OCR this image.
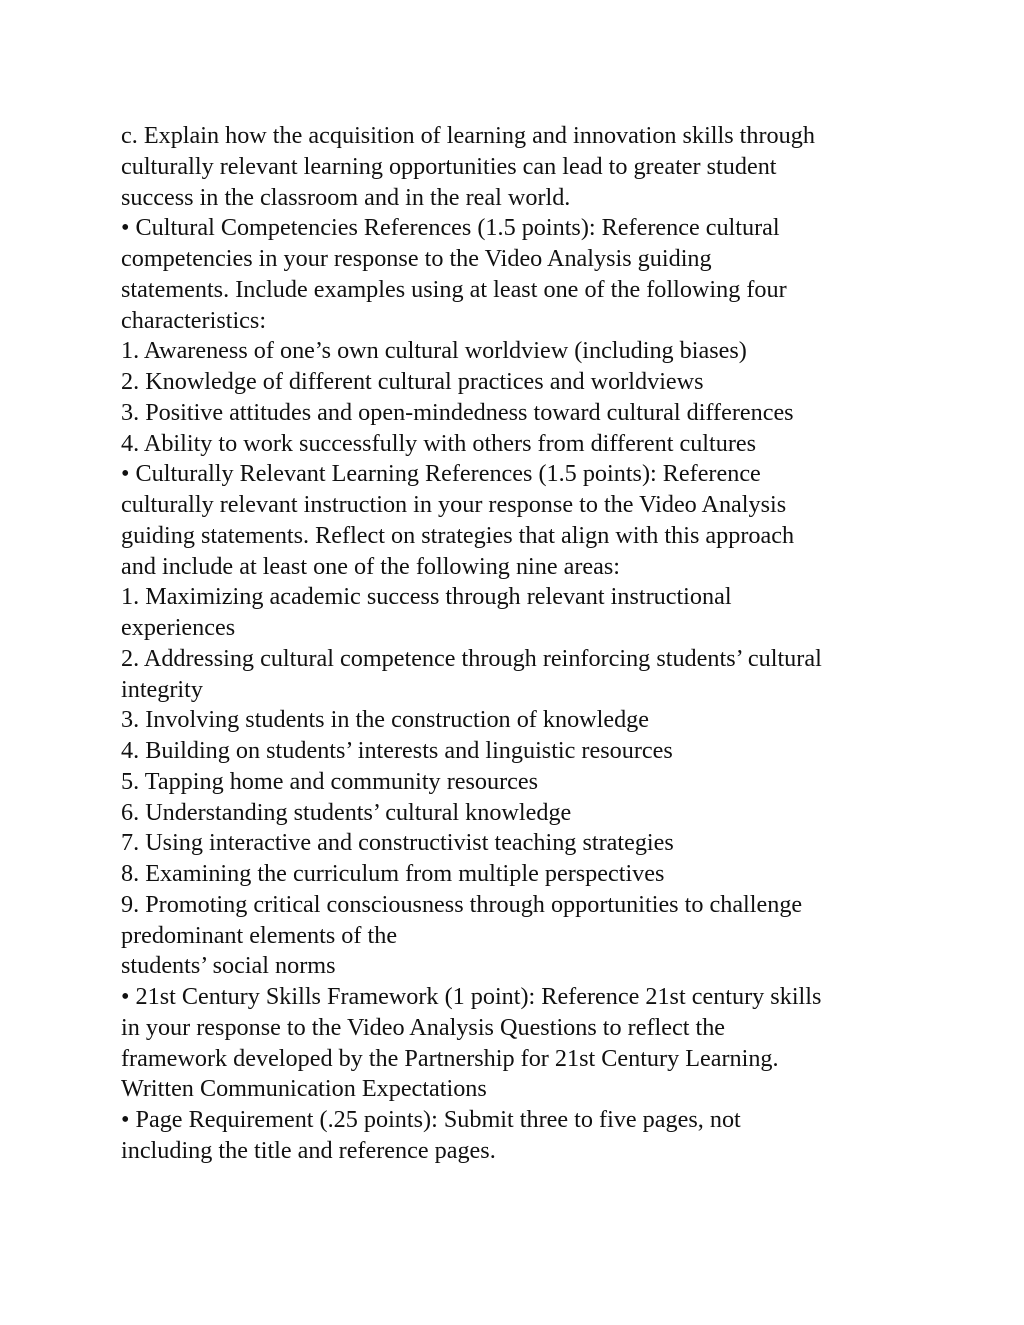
c. Explain how the acquisition of learning and innovation skills through
culturally relevant learning opportunities can lead to greater student
success in the classroom and in the real world.
• Cultural Competencies References (1.5 points): Reference cultural
competencies in your response to the Video Analysis guiding
statements. Include examples using at least one of the following four
characteristics:
1. Awareness of one’s own cultural worldview (including biases)
2. Knowledge of different cultural practices and worldviews
3. Positive attitudes and open-mindedness toward cultural differences
4. Ability to work successfully with others from different cultures
• Culturally Relevant Learning References (1.5 points): Reference
culturally relevant instruction in your response to the Video Analysis
guiding statements. Reflect on strategies that align with this approach
and include at least one of the following nine areas:
1. Maximizing academic success through relevant instructional
experiences
2. Addressing cultural competence through reinforcing students’ cultural
integrity
3. Involving students in the construction of knowledge
4. Building on students’ interests and linguistic resources
5. Tapping home and community resources
6. Understanding students’ cultural knowledge
7. Using interactive and constructivist teaching strategies
8. Examining the curriculum from multiple perspectives
9. Promoting critical consciousness through opportunities to challenge
predominant elements of the
students’ social norms
• 21st Century Skills Framework (1 point): Reference 21st century skills
in your response to the Video Analysis Questions to reflect the
framework developed by the Partnership for 21st Century Learning.
Written Communication Expectations
• Page Requirement (.25 points): Submit three to five pages, not
including the title and reference pages.
